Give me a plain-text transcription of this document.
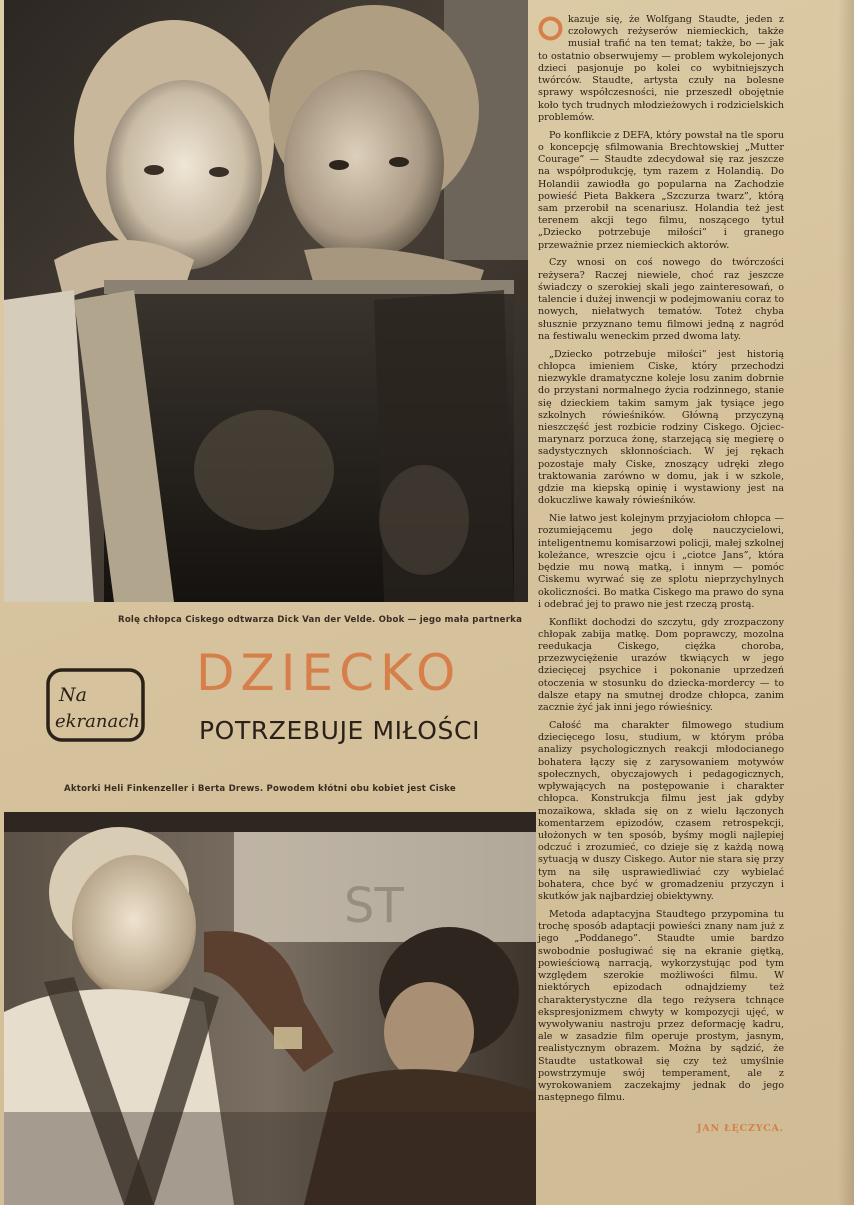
Rolę chłopca Ciskego odtwarza Dick Van der Velde. Obok — jego mała partnerka
Na
ekranach
DZIECKO
POTRZEBUJE MIŁOŚCI
Aktorki Heli Finkenzeller i Berta Drews. Powodem kłótni obu kobiet jest Ciske
ST

kazuje się, że Wolfgang Staudte, jeden z czołowych reżyserów niemieckich, także musiał trafić na ten temat; także, bo — jak to ostatnio obserwujemy — problem wykolejonych dzieci pasjonuje po kolei co wybitniejszych twórców. Staudte, artysta czuły na bolesne sprawy współczesności, nie przeszedł obojętnie koło tych trudnych młodzieżowych i rodzicielskich problemów.

Po konflikcie z DEFA, który powstał na tle sporu o koncepcję sfilmowania Brechtowskiej „Mutter Courage” — Staudte zdecydował się raz jeszcze na współprodukcję, tym razem z Holandią. Do Holandii zawiodła go popularna na Zachodzie powieść Pieta Bakkera „Szczurza twarz”, którą sam przerobił na scenariusz. Holandia też jest terenem akcji tego filmu, noszącego tytuł „Dziecko potrzebuje miłości” i granego przeważnie przez niemieckich aktorów.

Czy wnosi on coś nowego do twórczości reżysera? Raczej niewiele, choć raz jeszcze świadczy o szerokiej skali jego zainteresowań, o talencie i dużej inwencji w podejmowaniu coraz to nowych, niełatwych tematów. Toteż chyba słusznie przyznano temu filmowi jedną z nagród na festiwalu weneckim przed dwoma laty.

„Dziecko potrzebuje miłości” jest historią chłopca imieniem Ciske, który przechodzi niezwykle dramatyczne koleje losu zanim dobrnie do przystani normalnego życia rodzinnego, stanie się dzieckiem takim samym jak tysiące jego szkolnych rówieśników. Główną przyczyną nieszczęść jest rozbicie rodziny Ciskego. Ojciec-marynarz porzuca żonę, starzejącą się megierę o sadystycznych skłonnościach. W jej rękach pozostaje mały Ciske, znoszący udręki złego traktowania zarówno w domu, jak i w szkole, gdzie ma kiepską opinię i wystawiony jest na dokuczliwe kawały rówieśników.

Nie łatwo jest kolejnym przyjaciołom chłopca — rozumiejącemu jego dolę nauczycielowi, inteligentnemu komisarzowi policji, małej szkolnej koleżance, wreszcie ojcu i „ciotce Jans”, która będzie mu nową matką, i innym — pomóc Ciskemu wyrwać się ze splotu nieprzychylnych okoliczności. Bo matka Ciskego ma prawo do syna i odebrać jej to prawo nie jest rzeczą prostą.

Konflikt dochodzi do szczytu, gdy zrozpaczony chłopak zabija matkę. Dom poprawczy, mozolna reedukacja Ciskego, ciężka choroba, przezwyciężenie urazów tkwiących w jego dziecięcej psychice i pokonanie uprzedzeń otoczenia w stosunku do dziecka-mordercy — to dalsze etapy na smutnej drodze chłopca, zanim zacznie żyć jak inni jego rówieśnicy.

Całość ma charakter filmowego studium dziecięcego losu, studium, w którym próba analizy psychologicznych reakcji młodocianego bohatera łączy się z zarysowaniem motywów społecznych, obyczajowych i pedagogicznych, wpływających na postępowanie i charakter chłopca. Konstrukcja filmu jest jak gdyby mozaikowa, składa się on z wielu łączonych komentarzem epizodów, czasem retrospekcji, ułożonych w ten sposób, byśmy mogli najlepiej odczuć i zrozumieć, co dzieje się z każdą nową sytuacją w duszy Ciskego. Autor nie stara się przy tym na siłę usprawiedliwiać czy wybielać bohatera, chce być w gromadzeniu przyczyn i skutków jak najbardziej obiektywny.

Metoda adaptacyjna Staudtego przypomina tu trochę sposób adaptacji powieści znany nam już z jego „Poddanego”. Staudte umie bardzo swobodnie posługiwać się na ekranie giętką, powieściową narracją, wykorzystując pod tym względem szerokie możliwości filmu. W niektórych epizodach odnajdziemy też charakterystyczne dla tego reżysera tchnące ekspresjonizmem chwyty w kompozycji ujęć, w wywoływaniu nastroju przez deformację kadru, ale w zasadzie film operuje prostym, jasnym, realistycznym obrazem. Można by sądzić, że Staudte ustatkował się czy też umyślnie powstrzymuje swój temperament, ale z wyrokowaniem zaczekajmy jednak do jego następnego filmu.

JAN ŁĘCZYCA.
